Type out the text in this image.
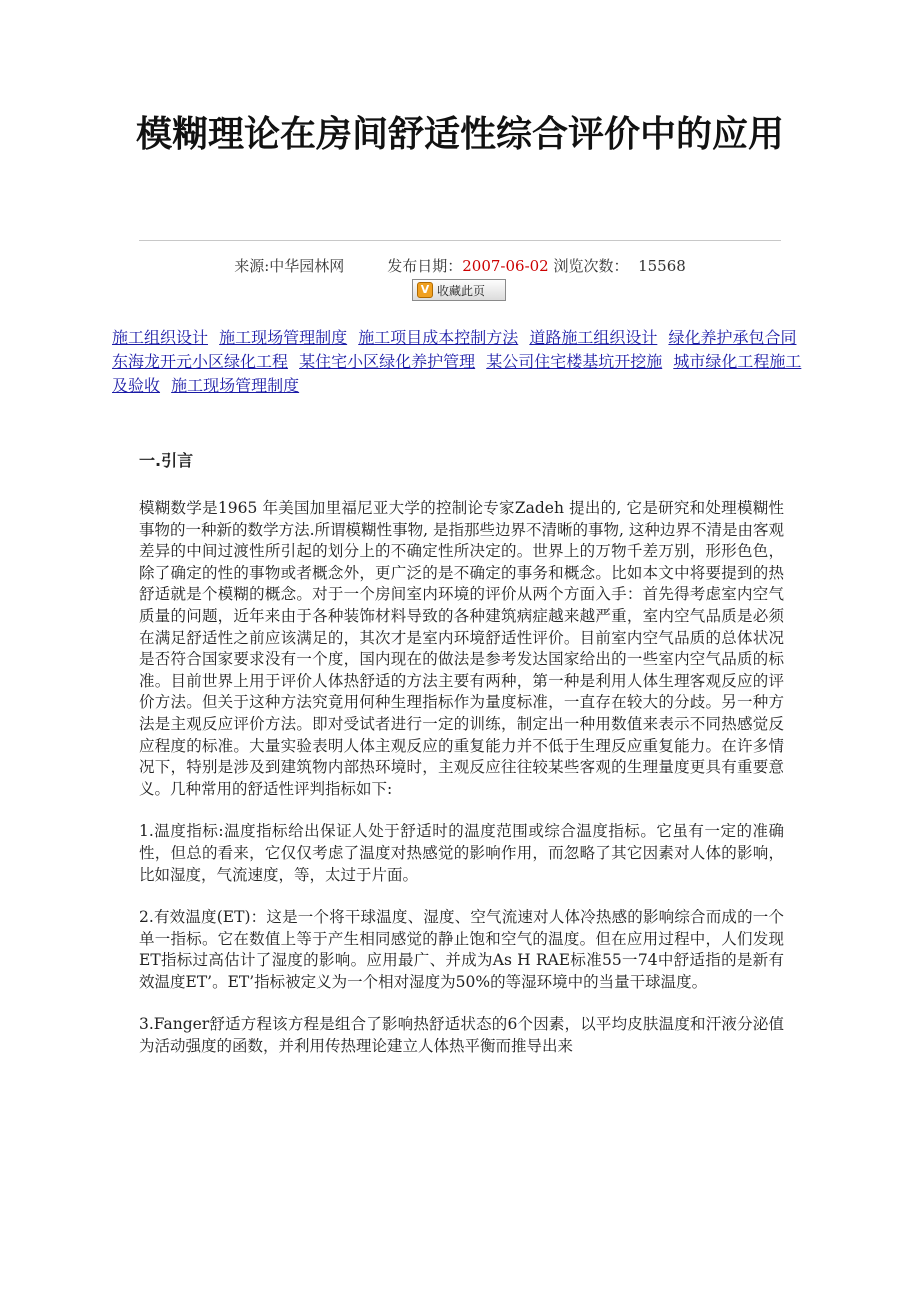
模糊理论在房间舒适性综合评价中的应用
来源:中华园林网	发布日期：2007-06-02 浏览次数： 15568
V 收藏此页
施工组织设计 施工现场管理制度 施工项目成本控制方法 道路施工组织设计 绿化养护承包合同 东海龙开元小区绿化工程 某住宅小区绿化养护管理 某公司住宅楼基坑开挖施 城市绿化工程施工及验收 施工现场管理制度
一.引言

模糊数学是1965 年美国加里福尼亚大学的控制论专家Zadeh 提出的, 它是研究和处理模糊性事物的一种新的数学方法.所谓模糊性事物, 是指那些边界不清晰的事物, 这种边界不清是由客观差异的中间过渡性所引起的划分上的不确定性所决定的。世界上的万物千差万别，形形色色，除了确定的性的事物或者概念外，更广泛的是不确定的事务和概念。比如本文中将要提到的热舒适就是个模糊的概念。对于一个房间室内环境的评价从两个方面入手：首先得考虑室内空气质量的问题，近年来由于各种装饰材料导致的各种建筑病症越来越严重，室内空气品质是必须在满足舒适性之前应该满足的，其次才是室内环境舒适性评价。目前室内空气品质的总体状况是否符合国家要求没有一个度，国内现在的做法是参考发达国家给出的一些室内空气品质的标准。目前世界上用于评价人体热舒适的方法主要有两种，第一种是利用人体生理客观反应的评价方法。但关于这种方法究竟用何种生理指标作为量度标准，一直存在较大的分歧。另一种方法是主观反应评价方法。即对受试者进行一定的训练，制定出一种用数值来表示不同热感觉反应程度的标准。大量实验表明人体主观反应的重复能力并不低于生理反应重复能力。在许多情况下，特别是涉及到建筑物内部热环境时，主观反应往往较某些客观的生理量度更具有重要意义。几种常用的舒适性评判指标如下:

1.温度指标:温度指标给出保证人处于舒适时的温度范围或综合温度指标。它虽有一定的准确性，但总的看来，它仅仅考虑了温度对热感觉的影响作用，而忽略了其它因素对人体的影响，比如湿度，气流速度，等，太过于片面。

2.有效温度(ET)：这是一个将干球温度、湿度、空气流速对人体冷热感的影响综合而成的一个单一指标。它在数值上等于产生相同感觉的静止饱和空气的温度。但在应用过程中，人们发现ET指标过高估计了湿度的影响。应用最广、并成为As H RAE标准55一74中舒适指的是新有效温度ET’。ET’指标被定义为一个相对湿度为50%的等湿环境中的当量干球温度。

3.Fanger舒适方程该方程是组合了影响热舒适状态的6个因素，以平均皮肤温度和汗液分泌值为活动强度的函数，并利用传热理论建立人体热平衡而推导出来
